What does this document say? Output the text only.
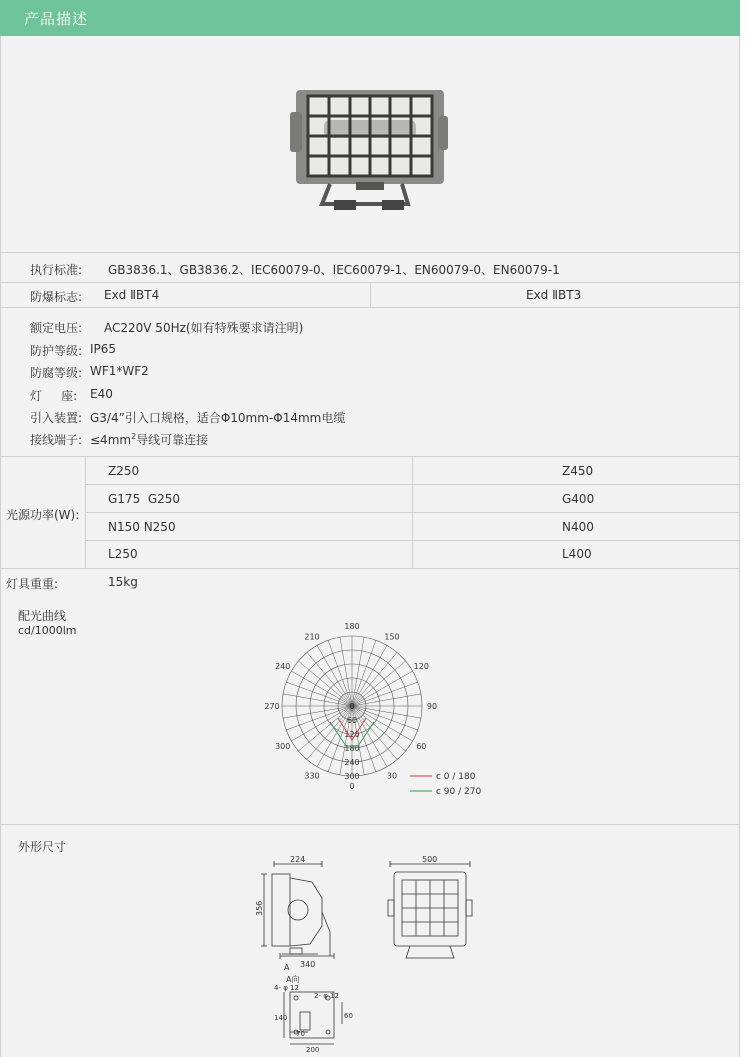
产品描述
执行标准: GB3836.1、GB3836.2、IEC60079-0、IEC60079-1、EN60079-0、EN60079-1
防爆标志: Exd ⅡBT4	Exd ⅡBT3
额定电压: AC220V 50Hz(如有特殊要求请注明)
防护等级: IP65
防腐等级: WF1*WF2
灯     座: E40
引入装置: G3/4”引入口规格，适合Φ10mm-Φ14mm电缆
接线端子: $\le 4mm^2$导线可靠连接
光源功率(W):
Z250	Z450
G175  G250	G400
N150 N250	N400
L250	L400
灯具重重:	15kg
配光曲线
cd/1000lm
0
30
60
90
120
150
180
210
240
270
300
330	300
240
180
120
60
0
c 0 / 180
c 90 / 270
外形尺寸
224
356
340
A
500
A向
4- φ 12
2- φ 12
140	60
70
200
